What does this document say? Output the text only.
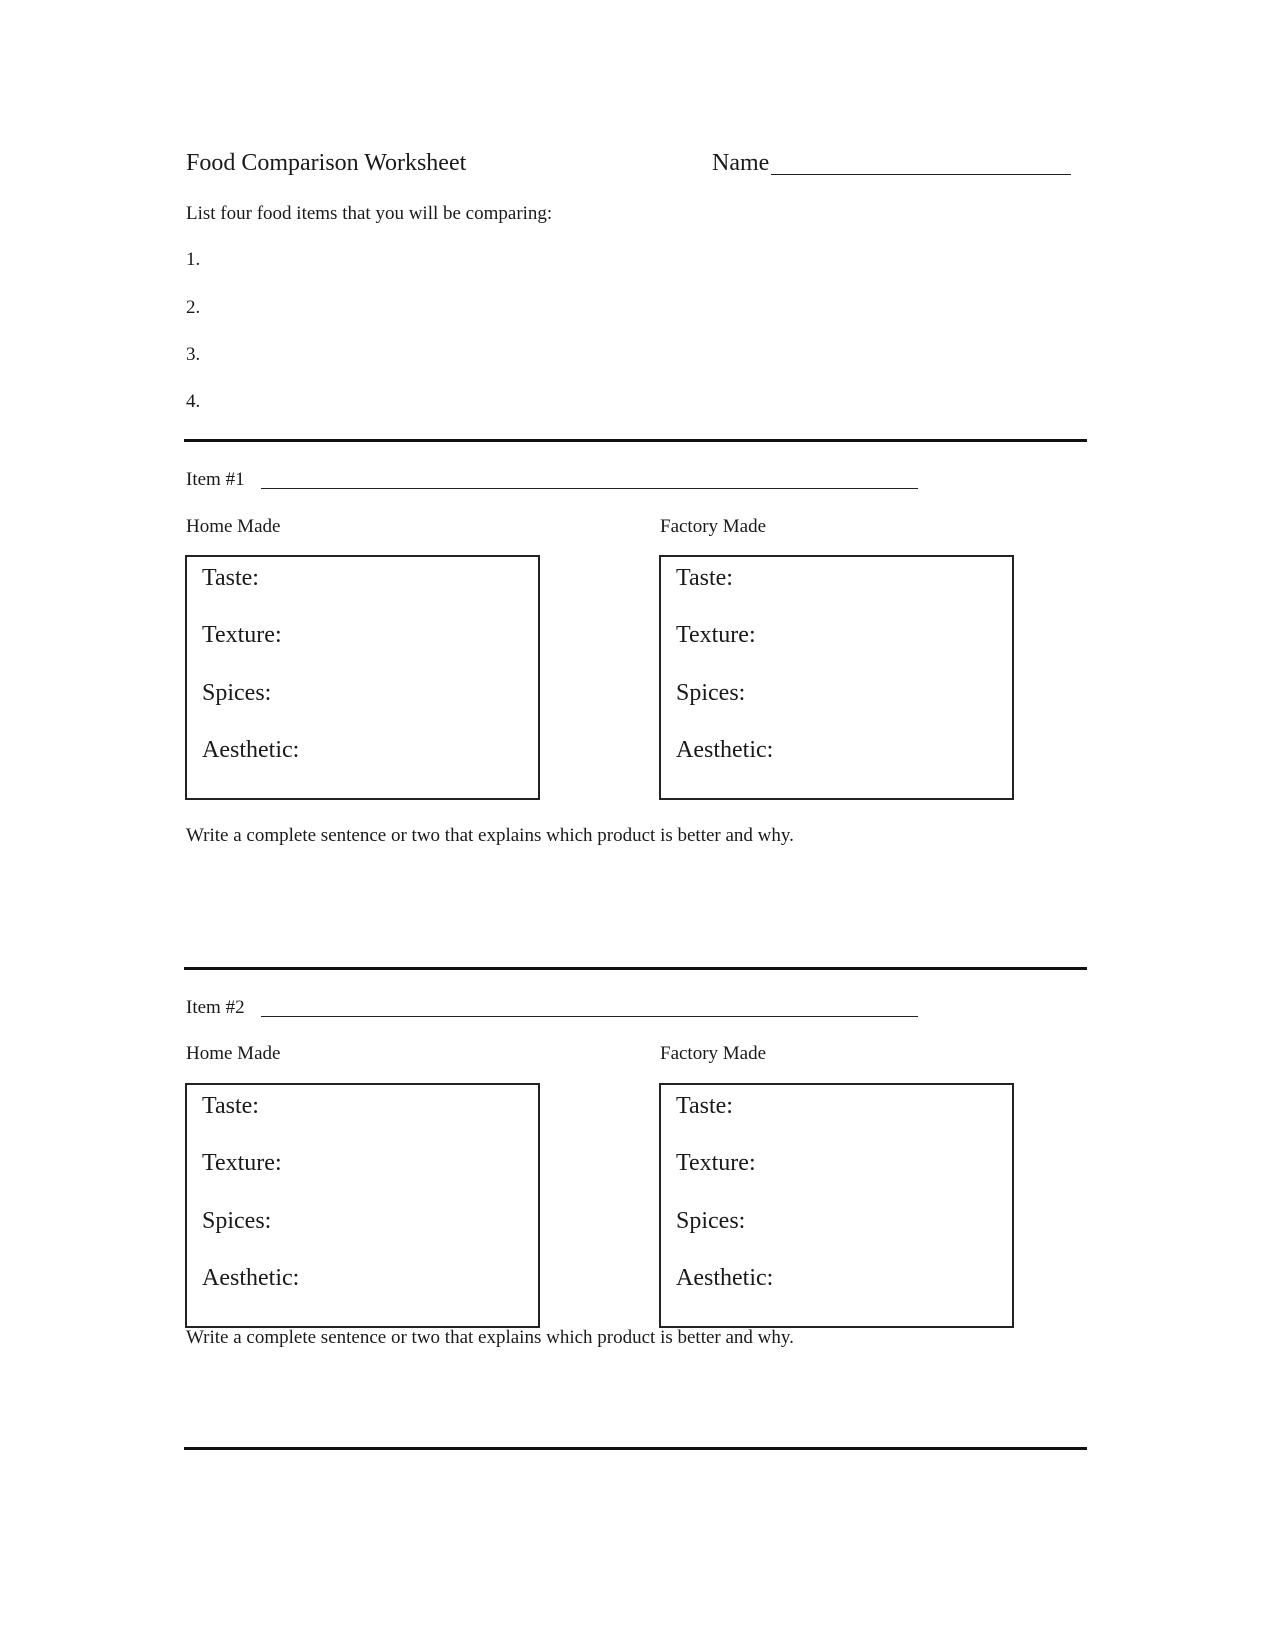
Food Comparison Worksheet	Name
List four food items that you will be comparing:
1.
2.
3.
4.
Item #1
Home Made	Factory Made
Taste:
Texture:
Spices:
Aesthetic:
Taste:
Texture:
Spices:
Aesthetic:
Write a complete sentence or two that explains which product is better and why.
Item #2
Home Made	Factory Made
Taste:
Texture:
Spices:
Aesthetic:
Taste:
Texture:
Spices:
Aesthetic:
Write a complete sentence or two that explains which product is better and why.
